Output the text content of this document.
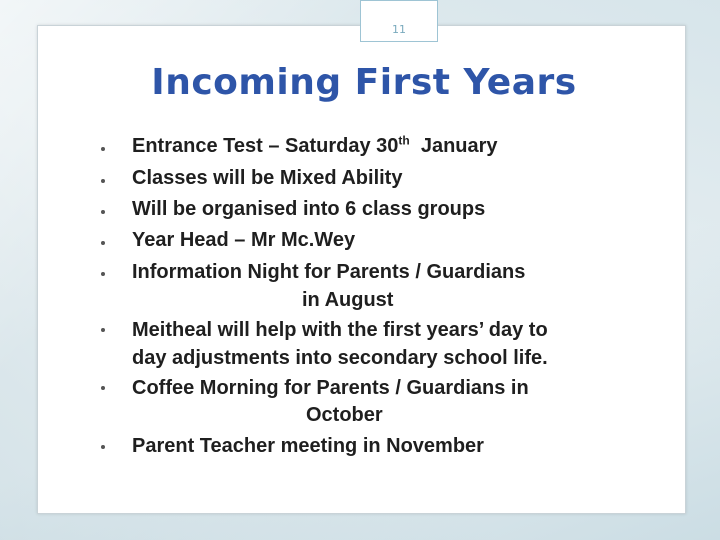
11
Incoming First Years
Entrance Test – Saturday 30th  January
Classes will be Mixed Ability
Will be organised into 6 class groups
Year Head – Mr Mc.Wey
Information Night for Parents / Guardians
in August
Meitheal will help with the first years’ day to
day adjustments into secondary school life.
Coffee Morning for Parents / Guardians in
October
Parent Teacher meeting in November
